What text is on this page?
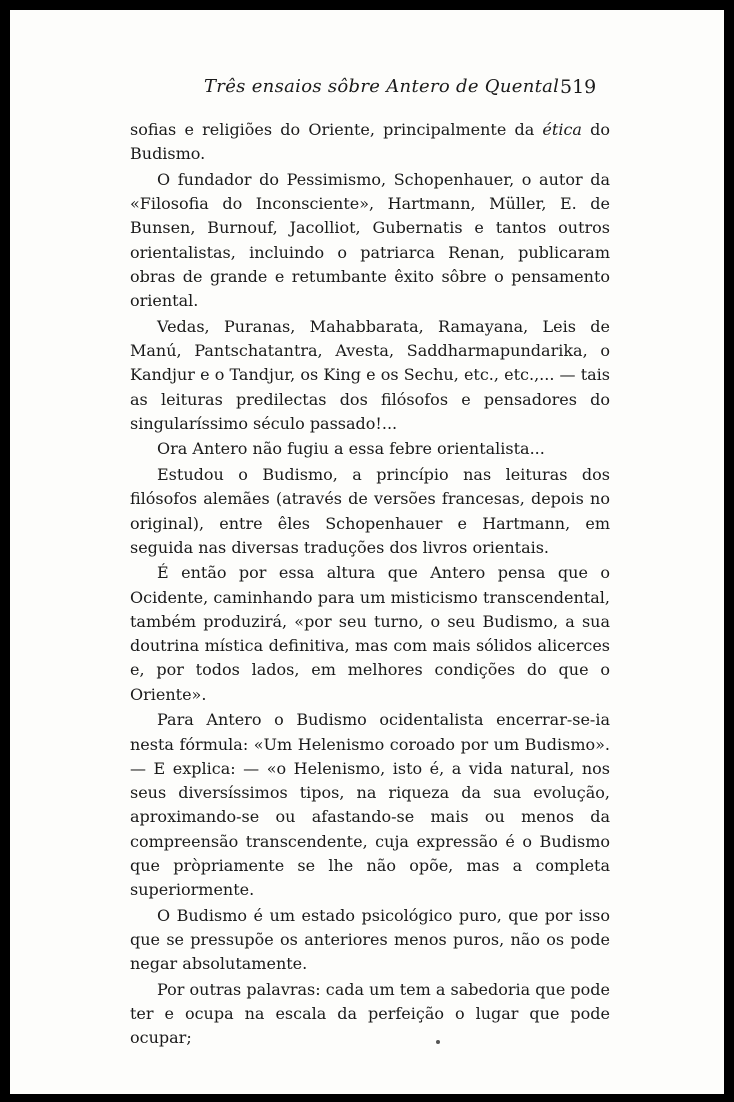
Três ensaios sôbre Antero de Quental 519

sofias e religiões do Oriente, principalmente da ética do Budismo.

O fundador do Pessimismo, Schopenhauer, o autor da «Filosofia do Inconsciente», Hartmann, Müller, E. de Bunsen, Burnouf, Jacolliot, Gubernatis e tantos outros orientalistas, incluindo o patriarca Renan, publicaram obras de grande e retumbante êxito sôbre o pensamento oriental.

Vedas, Puranas, Mahabbarata, Ramayana, Leis de Manú, Pantschatantra, Avesta, Saddharmapundarika, o Kandjur e o Tandjur, os King e os Sechu, etc., etc.,... — tais as leituras predilectas dos filósofos e pensadores do singularíssimo século passado!...

Ora Antero não fugiu a essa febre orientalista...

Estudou o Budismo, a princípio nas leituras dos filósofos alemães (através de versões francesas, depois no original), entre êles Schopenhauer e Hartmann, em seguida nas diversas traduções dos livros orientais.

É então por essa altura que Antero pensa que o Ocidente, caminhando para um misticismo transcendental, também produzirá, «por seu turno, o seu Budismo, a sua doutrina mística definitiva, mas com mais sólidos alicerces e, por todos lados, em melhores condições do que o Oriente».

Para Antero o Budismo ocidentalista encerrar-se-ia nesta fórmula: «Um Helenismo coroado por um Budismo». — E explica: — «o Helenismo, isto é, a vida natural, nos seus diversíssimos tipos, na riqueza da sua evolução, aproximando-se ou afastando-se mais ou menos da compreensão transcendente, cuja expressão é o Budismo que pròpriamente se lhe não opõe, mas a completa superiormente.

O Budismo é um estado psicológico puro, que por isso que se pressupõe os anteriores menos puros, não os pode negar absolutamente.

Por outras palavras: cada um tem a sabedoria que pode ter e ocupa na escala da perfeição o lugar que pode ocupar;
